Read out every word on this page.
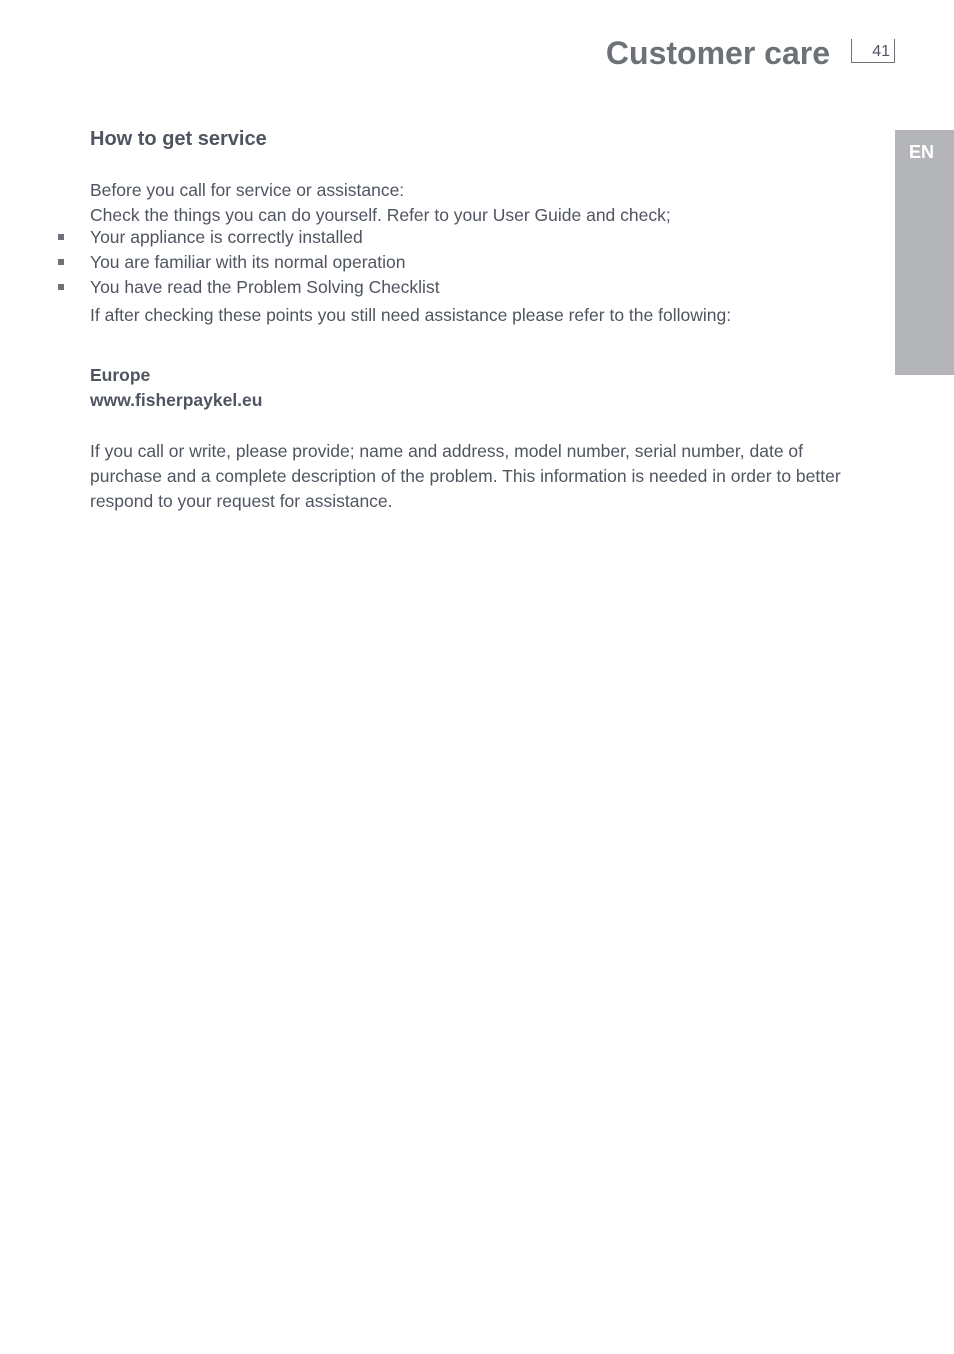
Customer care	41
EN
How to get service
Before you call for service or assistance:
Check the things you can do yourself. Refer to your User Guide and check;
Your appliance is correctly installed
You are familiar with its normal operation
You have read the Problem Solving Checklist
If after checking these points you still need assistance please refer to the following:
Europe
www.fisherpaykel.eu
If you call or write, please provide; name and address, model number, serial number, date of purchase and a complete description of the problem. This information is needed in order to better respond to your request for assistance.
